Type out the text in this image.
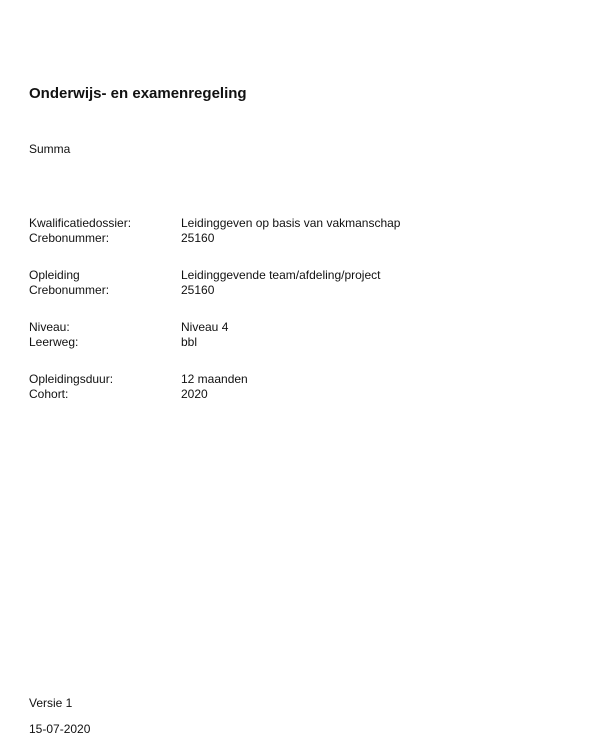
Onderwijs- en examenregeling
Summa
Kwalificatiedossier:	Leidinggeven op basis van vakmanschap
Crebonummer:	25160
Opleiding	Leidinggevende team/afdeling/project
Crebonummer:	25160
Niveau:	Niveau 4
Leerweg:	bbl
Opleidingsduur:	12 maanden
Cohort:	2020
Versie 1
15-07-2020
